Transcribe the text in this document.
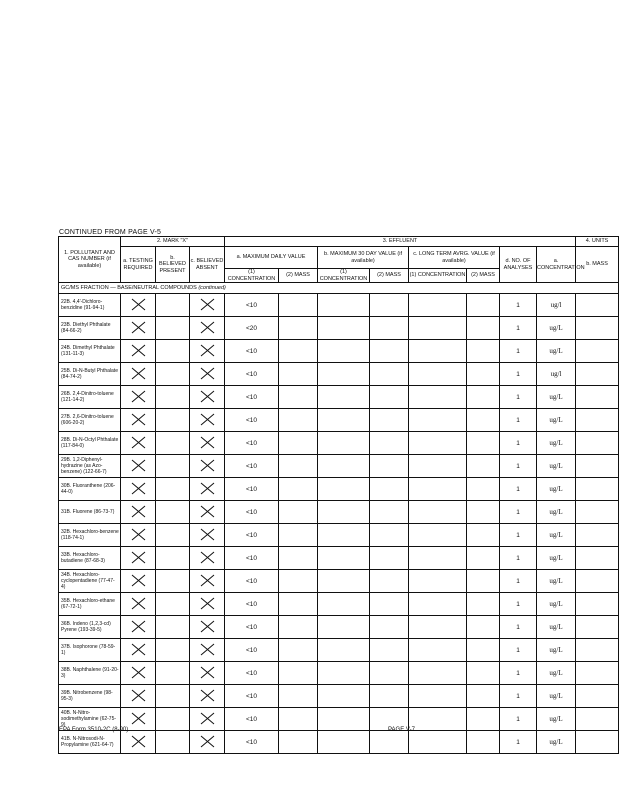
CONTINUED FROM PAGE V-5
1. POLLUTANT AND CAS NUMBER (if available)	2. MARK "X"			3. EFFLUENT								4. UNITS
	a. TESTING REQUIRED	b. BELIEVED PRESENT	c. BELIEVED ABSENT	a. MAXIMUM DAILY VALUE		b. MAXIMUM 30 DAY VALUE (if available)		c. LONG TERM AVRG. VALUE (if available)		d. NO. OF ANALYSES	a. CONCENTRATION	b. MASS
				(1) CONCENTRATION	(2) MASS	(1) CONCENTRATION	(2) MASS	(1) CONCENTRATION	(2) MASS			
GC/MS FRACTION — BASE/NEUTRAL COMPOUNDS (continued)												
22B. 4,4'-Dichloro-benzidine (91-94-1)				<10						1	ug/l	
23B. Diethyl Phthalate (84-66-2)				<20						1	ug/L	
24B. Dimethyl Phthalate (131-11-3)				<10						1	ug/L	
25B. Di-N-Butyl Phthalate (84-74-2)				<10						1	ug/l	
26B. 2,4-Dinitro-toluene (121-14-2)				<10						1	ug/L	
27B. 2,6-Dinitro-toluene (606-20-2)				<10						1	ug/L	
28B. Di-N-Octyl Phthalate (117-84-0)				<10						1	ug/L	
29B. 1,2-Diphenyl-hydrazine (as Azo-benzene) (122-66-7)				<10						1	ug/L	
30B. Fluoranthene (206-44-0)				<10						1	ug/L	
31B. Fluorene (86-73-7)				<10						1	ug/L	
32B. Hexachloro-benzene (118-74-1)				<10						1	ug/L	
33B. Hexachloro-butadiene (87-68-3)				<10						1	ug/L	
34B. Hexachloro-cyclopentadiene (77-47-4)				<10						1	ug/L	
35B. Hexachloro-ethane (67-72-1)				<10						1	ug/L	
36B. Indeno (1,2,3-cd) Pyrene (193-39-5)				<10						1	ug/L	
37B. Isophorone (78-59-1)				<10						1	ug/L	
38B. Naphthalene (91-20-3)				<10						1	ug/L	
39B. Nitrobenzene (98-95-3)				<10						1	ug/L	
40B. N-Nitro-sodimethylamine (62-75-9)				<10						1	ug/L	
41B. N-Nitrosodi-N-Propylamine (621-64-7)				<10						1	ug/L	
EPA Form 3510-2C (8-90)	PAGE V-7
